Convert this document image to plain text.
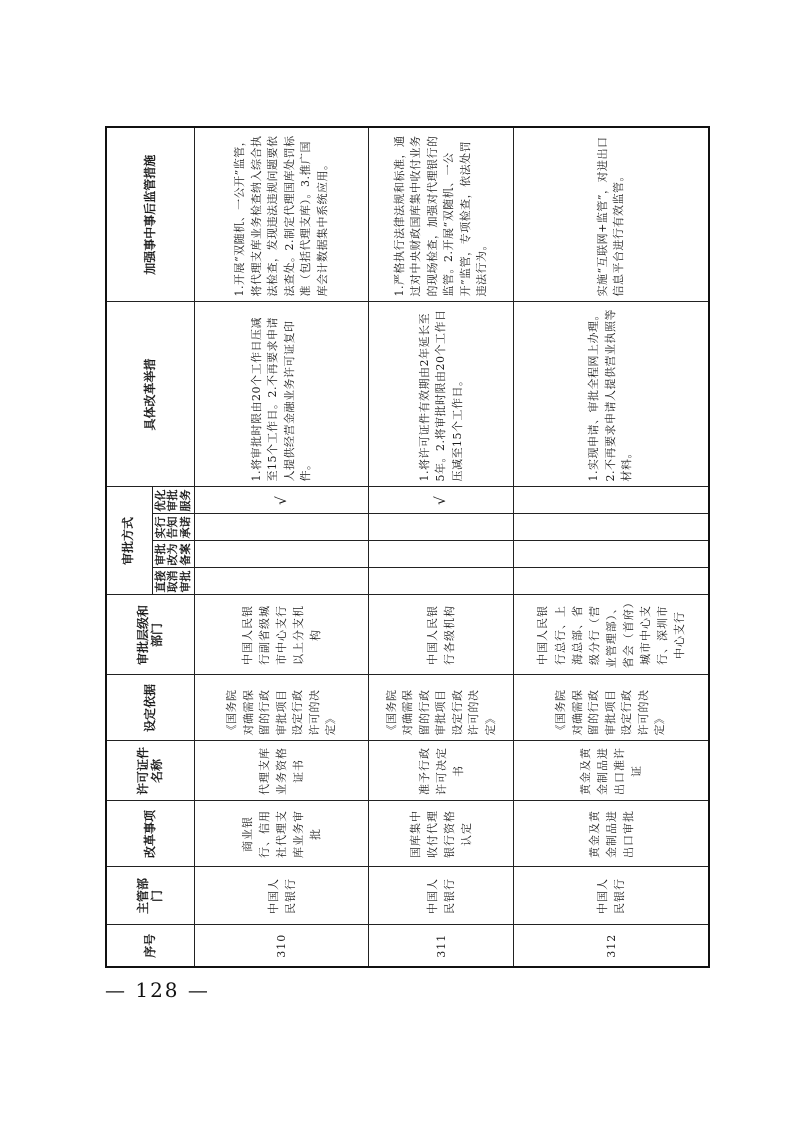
序号	主管部门	改革事项	许可证件名称	设定依据	审批层级和部门	审批方式				具体改革举措	加强事中事后监管措施
						直接取消审批	审批改为备案	实行告知承诺	优化审批服务		
310	中国人民银行	商业银行、信用社代理支库业务审批	代理支库业务资格证书	《国务院对确需保留的行政审批项目设定行政许可的决定》	中国人民银行副省级城市中心支行以上分支机构				√	1.将审批时限由20个工作日压减至15个工作日。2.不再要求申请人提供经营金融业务许可证复印件。	1.开展“双随机、一公开”监管，将代理支库业务检查纳入综合执法检查，发现违法违规问题要依法查处。2.制定代理国库处罚标准（包括代理支库）。3.推广国库会计数据集中系统应用。
311	中国人民银行	国库集中收付代理银行资格认定	准予行政许可决定书	《国务院对确需保留的行政审批项目设定行政许可的决定》	中国人民银行各级机构				√	1.将许可证件有效期由2年延长至5年。2.将审批时限由20个工作日压减至15个工作日。	1.严格执行法律法规和标准，通过对中央财政国库集中收付业务的现场检查，加强对代理银行的监管。2.开展“双随机、一公开”监管，专项检查，依法处罚违法行为。
312	中国人民银行	黄金及黄金制品进出口审批	黄金及黄金制品进出口准许证	《国务院对确需保留的行政审批项目设定行政许可的决定》	中国人民银行总行、上海总部、省级分行（营业管理部）、省会（首府）城市中心支行、深圳市中心支行					1.实现申请、审批全程网上办理。2.不再要求申请人提供营业执照等材料。	实施“互联网+监管”，对进出口信息平台进行有效监管。
— 128 —
